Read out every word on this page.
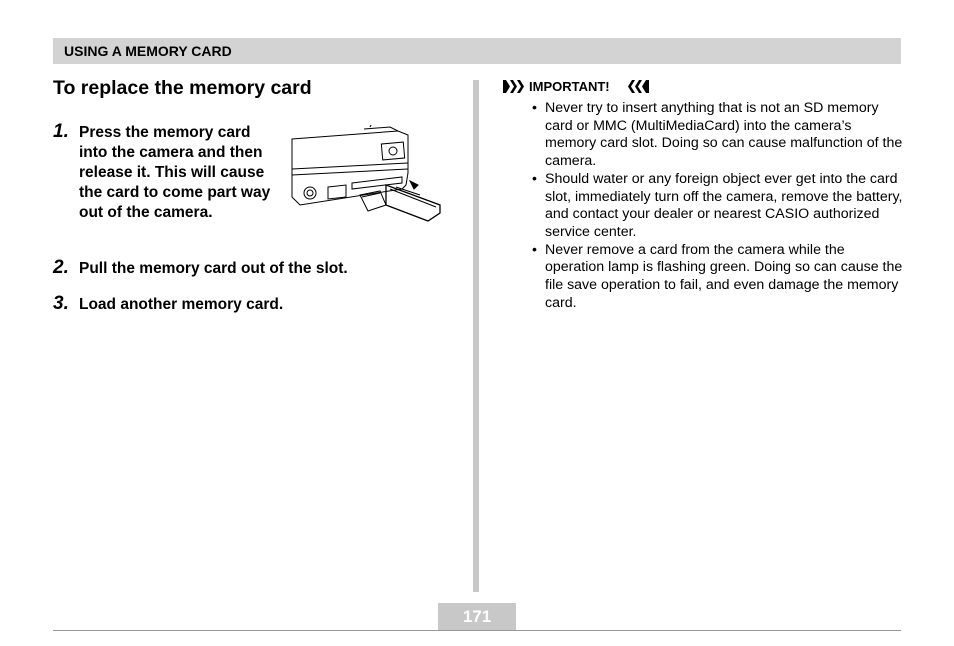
USING A MEMORY CARD
To replace the memory card
1. Press the memory card into the camera and then release it. This will cause the card to come part way out of the camera.
2. Pull the memory card out of the slot.
3. Load another memory card.
IMPORTANT!
• Never try to insert anything that is not an SD memory card or MMC (MultiMediaCard) into the camera’s memory card slot. Doing so can cause malfunction of the camera.
• Should water or any foreign object ever get into the card slot, immediately turn off the camera, remove the battery, and contact your dealer or nearest CASIO authorized service center.
• Never remove a card from the camera while the operation lamp is flashing green. Doing so can cause the file save operation to fail, and even damage the memory card.
171
